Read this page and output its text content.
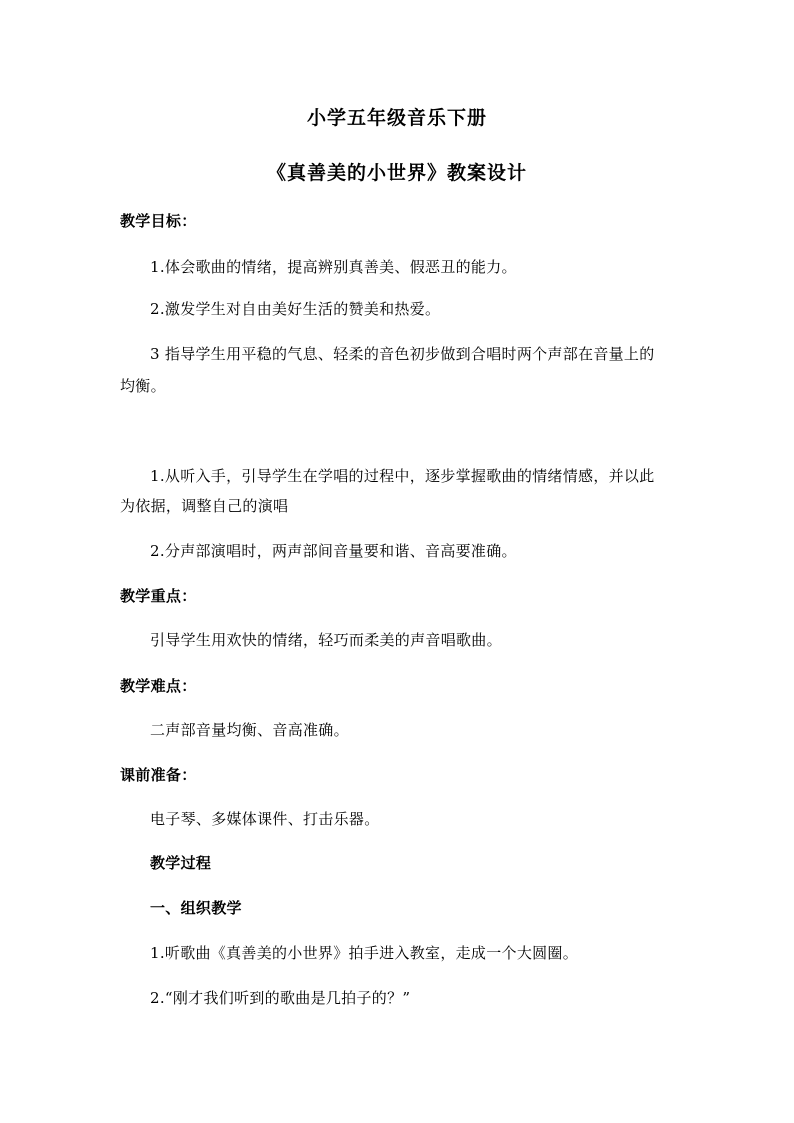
小学五年级音乐下册
《真善美的小世界》教案设计
教学目标：
1.体会歌曲的情绪，提高辨别真善美、假恶丑的能力。
2.激发学生对自由美好生活的赞美和热爱。
3 指导学生用平稳的气息、轻柔的音色初步做到合唱时两个声部在音量上的
均衡。
1.从听入手，引导学生在学唱的过程中，逐步掌握歌曲的情绪情感，并以此
为依据，调整自己的演唱
2.分声部演唱时，两声部间音量要和谐、音高要准确。
教学重点：
引导学生用欢快的情绪，轻巧而柔美的声音唱歌曲。
教学难点：
二声部音量均衡、音高准确。
课前准备：
电子琴、多媒体课件、打击乐器。
教学过程
一、组织教学
1.听歌曲《真善美的小世界》拍手进入教室，走成一个大圆圈。
2.“刚才我们听到的歌曲是几拍子的？”
